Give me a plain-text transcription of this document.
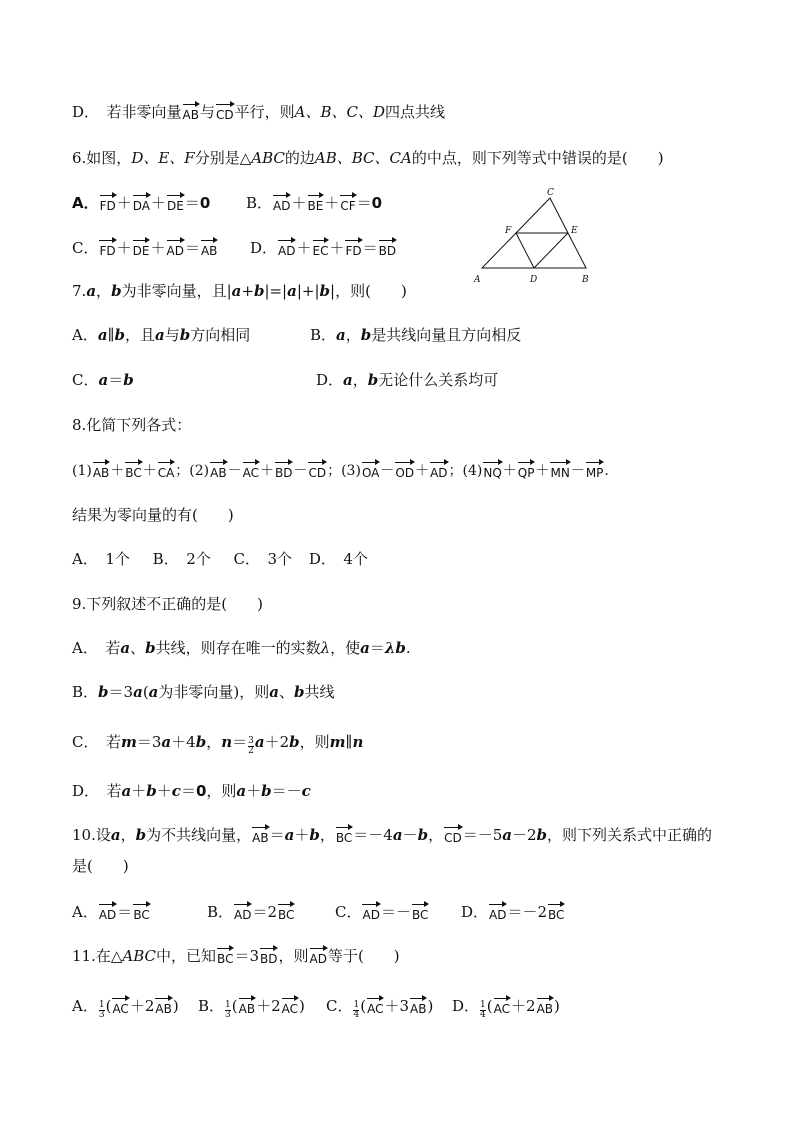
D．　若非零向量AB与CD平行，则A、B、C、D四点共线
6.如图，D、E、F分别是△ABC的边AB、BC、CA的中点，则下列等式中错误的是(　　)
A．FD＋DA＋DE＝0 B．AD＋BE＋CF＝0
C．FD＋DE＋AD＝AB D．AD＋EC＋FD＝BD
A	B
C
D
E
F
7.a，b为非零向量，且|a+b|=|a|+|b|，则(　　)
A．a∥b，且a与b方向相同	B．a，b是共线向量且方向相反
C．a＝b	D．a，b无论什么关系均可
8.化简下列各式：
(1)AB＋BC＋CA；(2)AB－AC＋BD－CD；(3)OA－OD＋AD；(4)NQ＋QP＋MN－MP.
结果为零向量的有(　　)
A．　1个 B．　2个 C．　3个 D．　4个
9.下列叙述不正确的是(　　)
A．　若a、b共线，则存在唯一的实数λ，使a＝λb.
B．b＝3a(a为非零向量)，则a、b共线
C．　若m＝3a＋4b，$n= \frac{3}{2} a+2b$，则m∥n
D．　若a＋b＋c＝0，则a＋b＝－c
10.设a，b为不共线向量，AB＝a＋b，BC＝－4a－b，CD＝－5a－2b，则下列关系式中正确的
是(　　)
A．AD＝BC	B．AD＝2BC	C．AD＝－BC D．AD＝－2BC
11.在△ABC中，已知BC＝3BD，则AD等于(　　)
A． $\frac{1}{3} (AC+2AB)$ B． $\frac{1}{3} (AB+2AC)$ C． $\frac{1}{4} (AC+3AB)$ D． $\frac{1}{4} (AC+2AB)$
